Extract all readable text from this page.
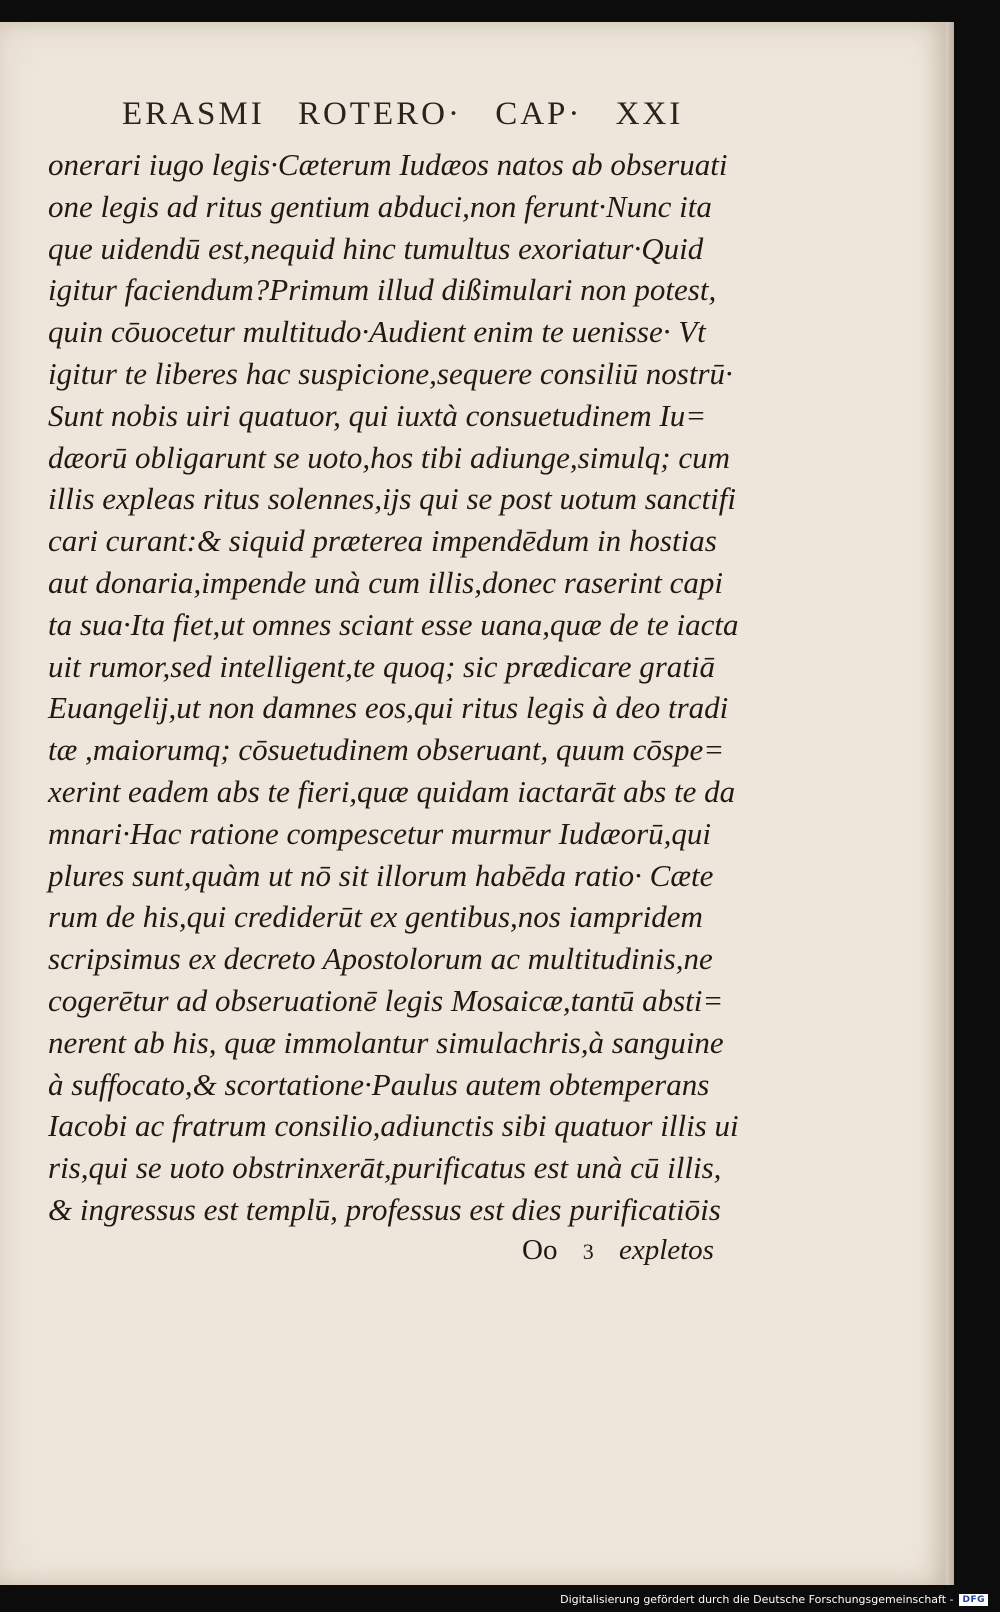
ERASMI ROTERO· CAP· XXI
onerari iugo legis·Cæterum Iudæos natos ab obseruati
one legis ad ritus gentium abduci,non ferunt·Nunc ita
que uidendū est,nequid hinc tumultus exoriatur·Quid
igitur faciendum?Primum illud dißimulari non potest,
quin cōuocetur multitudo·Audient enim te uenisse· Vt
igitur te liberes hac suspicione,sequere consiliū nostrū·
Sunt nobis uiri quatuor, qui iuxtà consuetudinem Iu=
dæorū obligarunt se uoto,hos tibi adiunge,simulq; cum
illis expleas ritus solennes,ijs qui se post uotum sanctifi
cari curant:& siquid præterea impendēdum in hostias
aut donaria,impende unà cum illis,donec raserint capi
ta sua·Ita fiet,ut omnes sciant esse uana,quæ de te iacta
uit rumor,sed intelligent,te quoq; sic prædicare gratiā
Euangelij,ut non damnes eos,qui ritus legis à deo tradi
tæ ,maiorumq; cōsuetudinem obseruant, quum cōspe=
xerint eadem abs te fieri,quæ quidam iactarāt abs te da
mnari·Hac ratione compescetur murmur Iudæorū,qui
plures sunt,quàm ut nō sit illorum habēda ratio· Cæte
rum de his,qui crediderūt ex gentibus,nos iampridem
scripsimus ex decreto Apostolorum ac multitudinis,ne
cogerētur ad obseruationē legis Mosaicæ,tantū absti=
nerent ab his, quæ immolantur simulachris,à sanguine
à suffocato,& scortatione·Paulus autem obtemperans
Iacobi ac fratrum consilio,adiunctis sibi quatuor illis ui
ris,qui se uoto obstrinxerāt,purificatus est unà cū illis,
& ingressus est templū, professus est dies purificatiōis
Oo 3 expletos
Digitalisierung gefördert durch die Deutsche Forschungsgemeinschaft -	DFG
